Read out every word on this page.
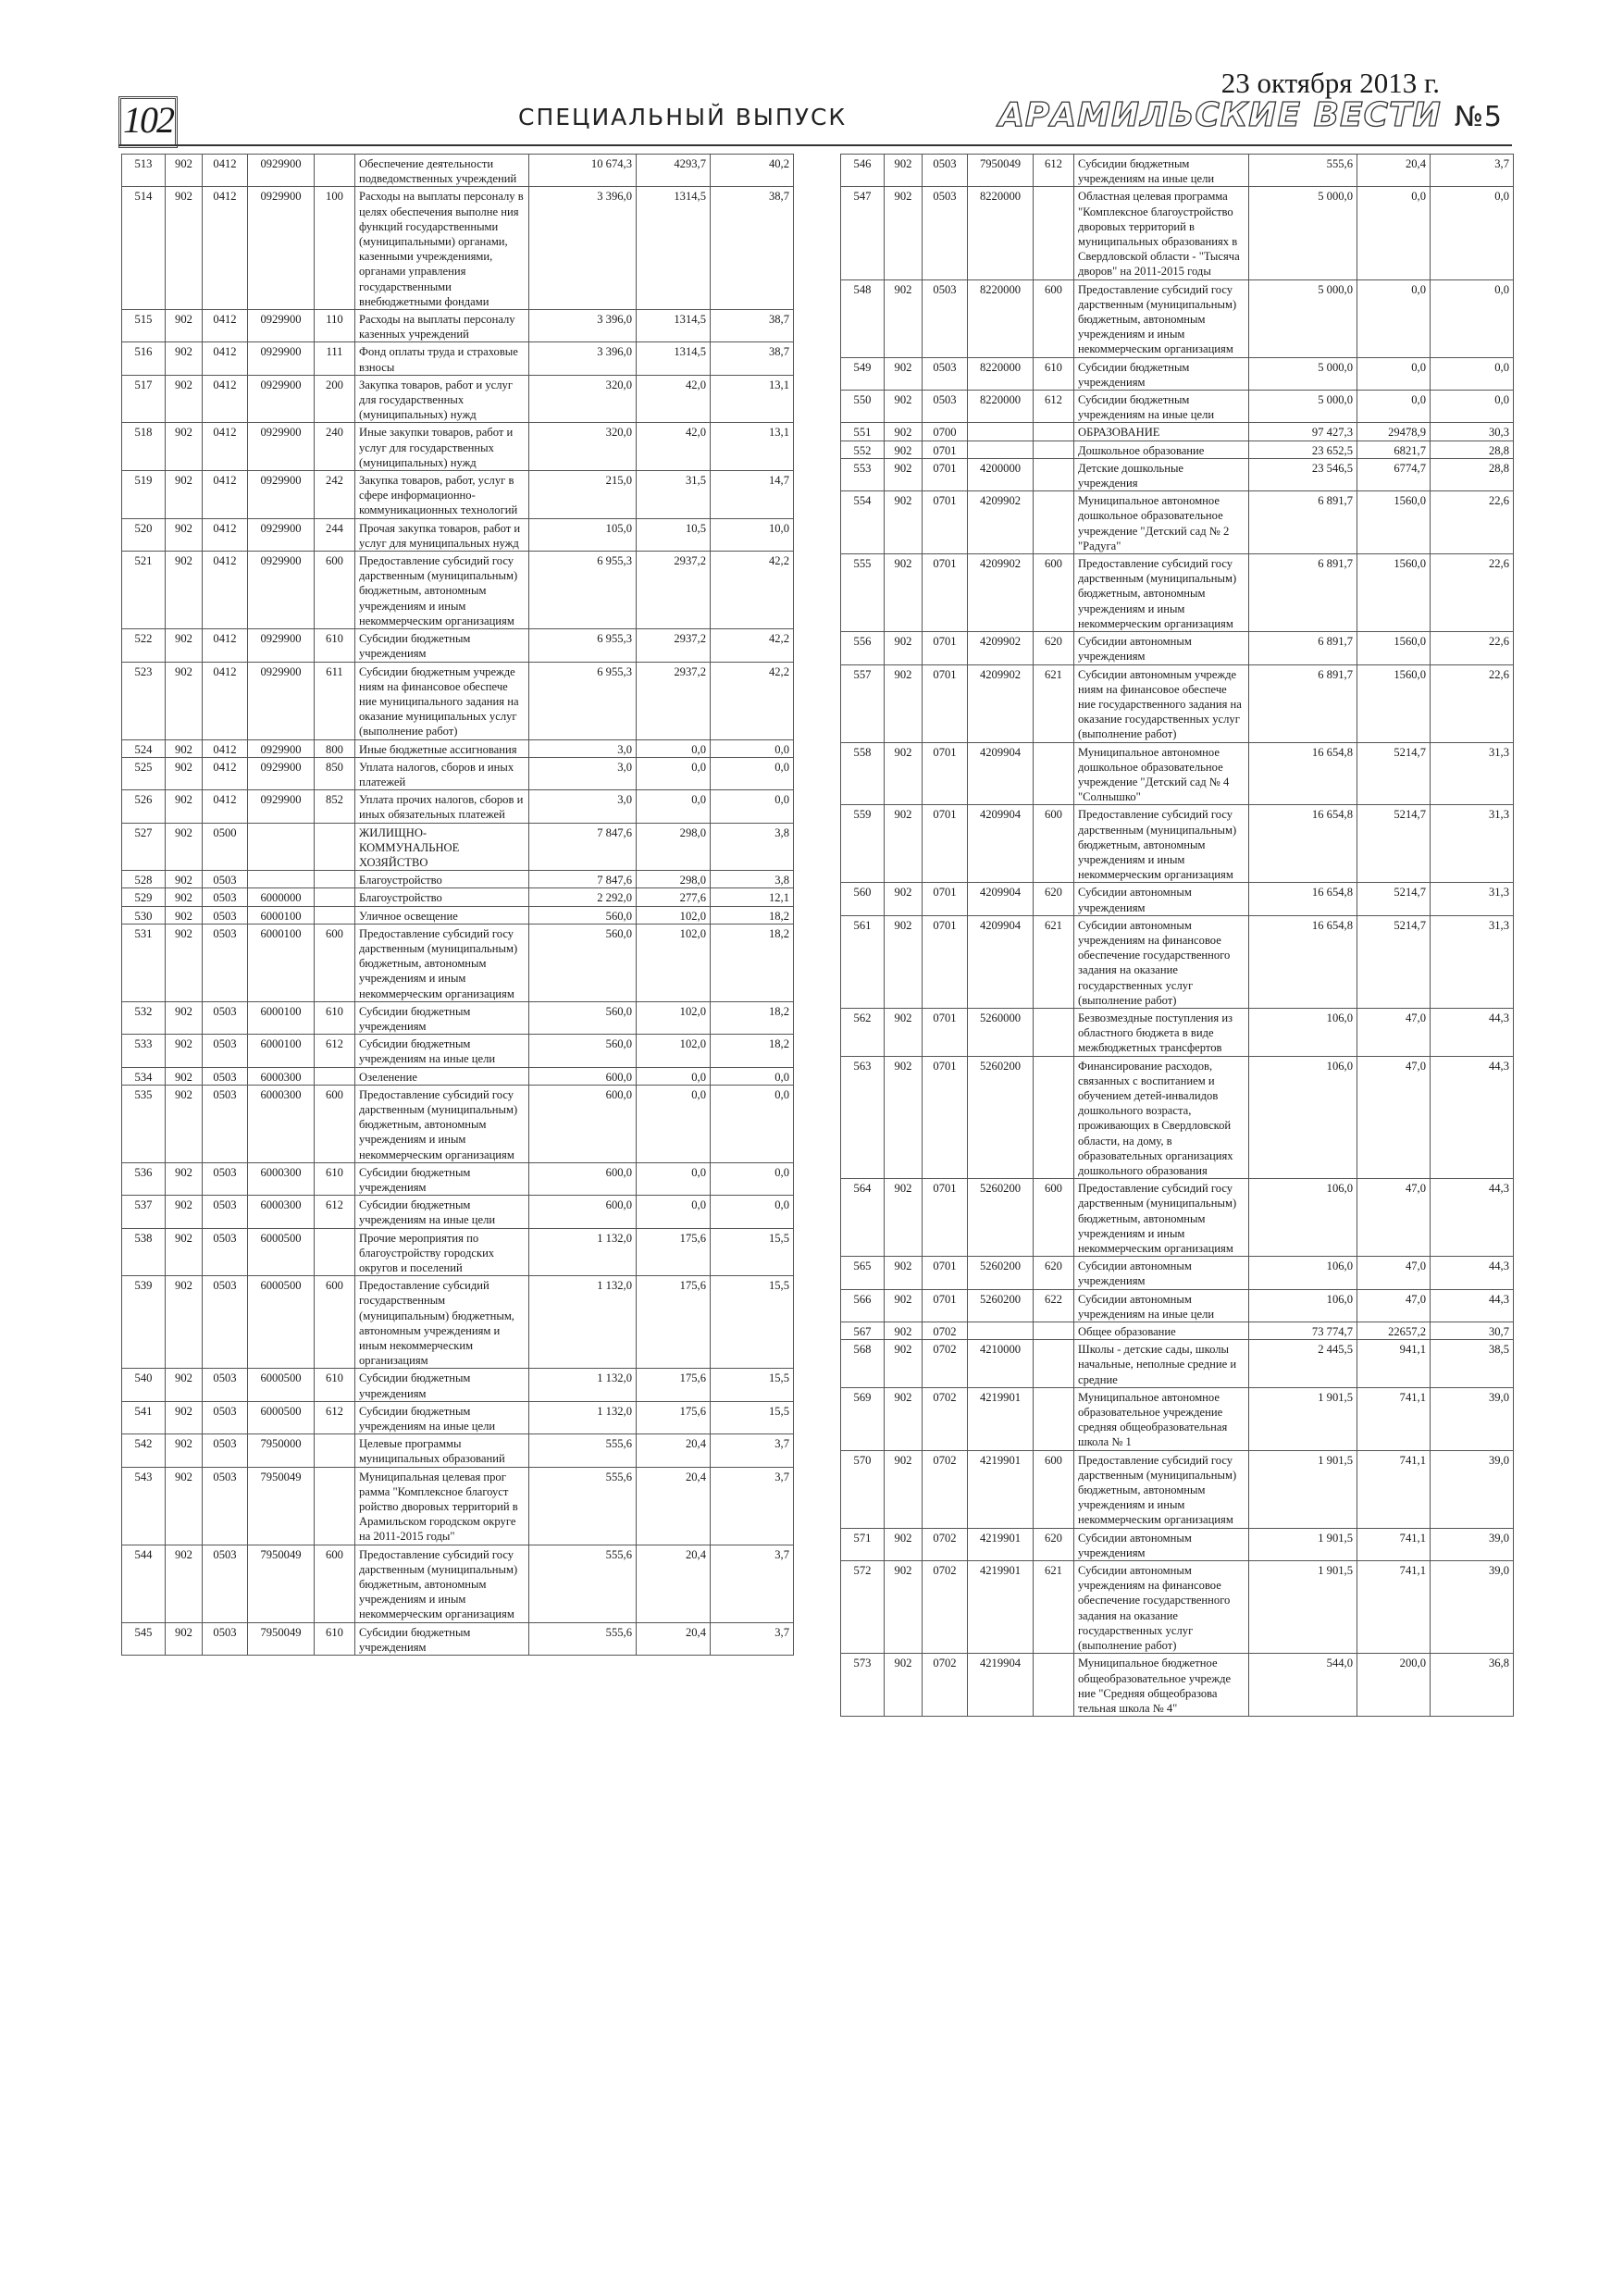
102	СПЕЦИАЛЬНЫЙ ВЫПУСК
23 октября 2013 г.
АРАМИЛЬСКИЕ ВЕСТИ №5
513	902	0412	0929900		Обеспечение деятельности подведомственных учреждений	10 674,3	4293,7	40,2
514	902	0412	0929900	100	Расходы на выплаты персоналу в целях обеспечения выполне ния функций государственными (муниципальными) органами, казенными учреждениями, органами управления государственными внебюджетными фондами	3 396,0	1314,5	38,7
515	902	0412	0929900	110	Расходы на выплаты персоналу казенных учреждений	3 396,0	1314,5	38,7
516	902	0412	0929900	111	Фонд оплаты труда и страховые взносы	3 396,0	1314,5	38,7
517	902	0412	0929900	200	Закупка товаров, работ и услуг для государственных (муниципальных) нужд	320,0	42,0	13,1
518	902	0412	0929900	240	Иные закупки товаров, работ и услуг для государственных (муниципальных) нужд	320,0	42,0	13,1
519	902	0412	0929900	242	Закупка товаров, работ, услуг в сфере информационно-коммуникационных технологий	215,0	31,5	14,7
520	902	0412	0929900	244	Прочая закупка товаров, работ и услуг для муниципальных нужд	105,0	10,5	10,0
521	902	0412	0929900	600	Предоставление субсидий госу дарственным (муниципальным) бюджетным, автономным учреждениям и иным некоммерческим организациям	6 955,3	2937,2	42,2
522	902	0412	0929900	610	Субсидии бюджетным учреждениям	6 955,3	2937,2	42,2
523	902	0412	0929900	611	Субсидии бюджетным учрежде ниям на финансовое обеспече ние муниципального задания на оказание муниципальных услуг (выполнение работ)	6 955,3	2937,2	42,2
524	902	0412	0929900	800	Иные бюджетные ассигнования	3,0	0,0	0,0
525	902	0412	0929900	850	Уплата налогов, сборов и иных платежей	3,0	0,0	0,0
526	902	0412	0929900	852	Уплата прочих налогов, сборов и иных обязательных платежей	3,0	0,0	0,0
527	902	0500			ЖИЛИЩНО-КОММУНАЛЬНОЕ ХОЗЯЙСТВО	7 847,6	298,0	3,8
528	902	0503			Благоустройство	7 847,6	298,0	3,8
529	902	0503	6000000		Благоустройство	2 292,0	277,6	12,1
530	902	0503	6000100		Уличное освещение	560,0	102,0	18,2
531	902	0503	6000100	600	Предоставление субсидий госу дарственным (муниципальным) бюджетным, автономным учреждениям и иным некоммерческим организациям	560,0	102,0	18,2
532	902	0503	6000100	610	Субсидии бюджетным учреждениям	560,0	102,0	18,2
533	902	0503	6000100	612	Субсидии бюджетным учреждениям на иные цели	560,0	102,0	18,2
534	902	0503	6000300		Озеленение	600,0	0,0	0,0
535	902	0503	6000300	600	Предоставление субсидий госу дарственным (муниципальным) бюджетным, автономным учреждениям и иным некоммерческим организациям	600,0	0,0	0,0
536	902	0503	6000300	610	Субсидии бюджетным учреждениям	600,0	0,0	0,0
537	902	0503	6000300	612	Субсидии бюджетным учреждениям на иные цели	600,0	0,0	0,0
538	902	0503	6000500		Прочие мероприятия по благоустройству городских округов и поселений	1 132,0	175,6	15,5
539	902	0503	6000500	600	Предоставление субсидий государственным (муниципальным) бюджетным, автономным учреждениям и иным некоммерческим организациям	1 132,0	175,6	15,5
540	902	0503	6000500	610	Субсидии бюджетным учреждениям	1 132,0	175,6	15,5
541	902	0503	6000500	612	Субсидии бюджетным учреждениям на иные цели	1 132,0	175,6	15,5
542	902	0503	7950000		Целевые программы муниципальных образований	555,6	20,4	3,7
543	902	0503	7950049		Муниципальная целевая прог рамма "Комплексное благоуст ройство дворовых территорий в Арамильском городском округе на 2011-2015 годы"	555,6	20,4	3,7
544	902	0503	7950049	600	Предоставление субсидий госу дарственным (муниципальным) бюджетным, автономным учреждениям и иным некоммерческим организациям	555,6	20,4	3,7
545	902	0503	7950049	610	Субсидии бюджетным учреждениям	555,6	20,4	3,7
546	902	0503	7950049	612	Субсидии бюджетным учреждениям на иные цели	555,6	20,4	3,7
547	902	0503	8220000		Областная целевая программа "Комплексное благоустройство дворовых территорий в муниципальных образованиях в Свердловской области - "Тысяча дворов" на 2011-2015 годы	5 000,0	0,0	0,0
548	902	0503	8220000	600	Предоставление субсидий госу дарственным (муниципальным) бюджетным, автономным учреждениям и иным некоммерческим организациям	5 000,0	0,0	0,0
549	902	0503	8220000	610	Субсидии бюджетным учреждениям	5 000,0	0,0	0,0
550	902	0503	8220000	612	Субсидии бюджетным учреждениям на иные цели	5 000,0	0,0	0,0
551	902	0700			ОБРАЗОВАНИЕ	97 427,3	29478,9	30,3
552	902	0701			Дошкольное образование	23 652,5	6821,7	28,8
553	902	0701	4200000		Детские дошкольные учреждения	23 546,5	6774,7	28,8
554	902	0701	4209902		Муниципальное автономное дошкольное образовательное учреждение "Детский сад № 2 "Радуга"	6 891,7	1560,0	22,6
555	902	0701	4209902	600	Предоставление субсидий госу дарственным (муниципальным) бюджетным, автономным учреждениям и иным некоммерческим организациям	6 891,7	1560,0	22,6
556	902	0701	4209902	620	Субсидии автономным учреждениям	6 891,7	1560,0	22,6
557	902	0701	4209902	621	Субсидии автономным учрежде ниям на финансовое обеспече ние государственного задания на оказание государственных услуг (выполнение работ)	6 891,7	1560,0	22,6
558	902	0701	4209904		Муниципальное автономное дошкольное образовательное учреждение "Детский сад № 4 "Солнышко"	16 654,8	5214,7	31,3
559	902	0701	4209904	600	Предоставление субсидий госу дарственным (муниципальным) бюджетным, автономным учреждениям и иным некоммерческим организациям	16 654,8	5214,7	31,3
560	902	0701	4209904	620	Субсидии автономным учреждениям	16 654,8	5214,7	31,3
561	902	0701	4209904	621	Субсидии автономным учреждениям на финансовое обеспечение государственного задания на оказание государственных услуг (выполнение работ)	16 654,8	5214,7	31,3
562	902	0701	5260000		Безвозмездные поступления из областного бюджета в виде межбюджетных трансфертов	106,0	47,0	44,3
563	902	0701	5260200		Финансирование расходов, связанных с воспитанием и обучением детей-инвалидов дошкольного возраста, проживающих в Свердловской области, на дому, в образовательных организациях дошкольного образования	106,0	47,0	44,3
564	902	0701	5260200	600	Предоставление субсидий госу дарственным (муниципальным) бюджетным, автономным учреждениям и иным некоммерческим организациям	106,0	47,0	44,3
565	902	0701	5260200	620	Субсидии автономным учреждениям	106,0	47,0	44,3
566	902	0701	5260200	622	Субсидии автономным учреждениям на иные цели	106,0	47,0	44,3
567	902	0702			Общее образование	73 774,7	22657,2	30,7
568	902	0702	4210000		Школы - детские сады, школы начальные, неполные средние и средние	2 445,5	941,1	38,5
569	902	0702	4219901		Муниципальное автономное образовательное учреждение средняя общеобразовательная школа № 1	1 901,5	741,1	39,0
570	902	0702	4219901	600	Предоставление субсидий госу дарственным (муниципальным) бюджетным, автономным учреждениям и иным некоммерческим организациям	1 901,5	741,1	39,0
571	902	0702	4219901	620	Субсидии автономным учреждениям	1 901,5	741,1	39,0
572	902	0702	4219901	621	Субсидии автономным учреждениям на финансовое обеспечение государственного задания на оказание государственных услуг (выполнение работ)	1 901,5	741,1	39,0
573	902	0702	4219904		Муниципальное бюджетное общеобразовательное учрежде ние "Средняя общеобразова тельная школа № 4"	544,0	200,0	36,8
